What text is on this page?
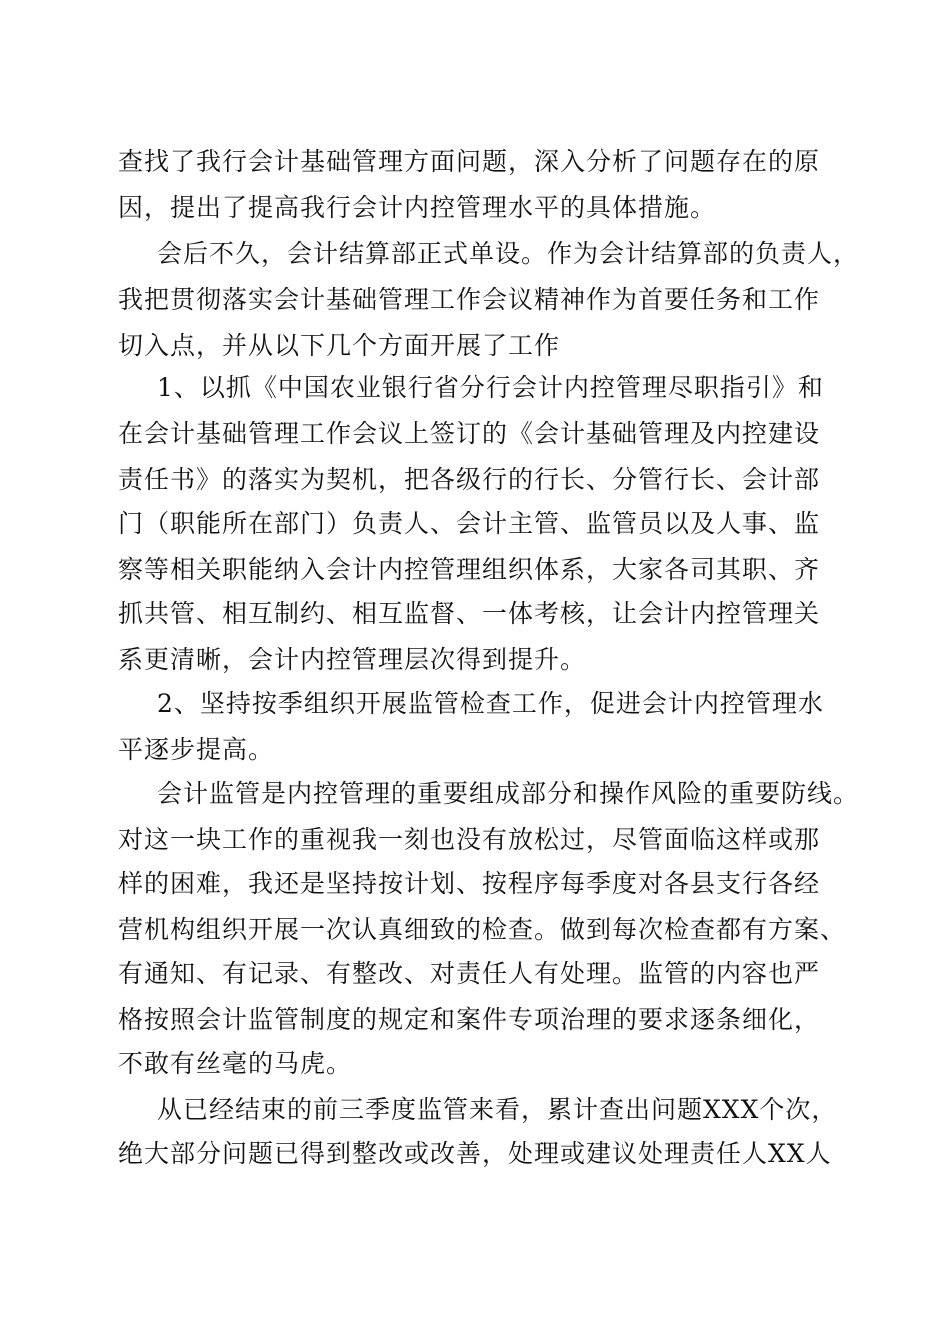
查找了我行会计基础管理方面问题，深入分析了问题存在的原
因，提出了提高我行会计内控管理水平的具体措施。
会后不久，会计结算部正式单设。作为会计结算部的负责人，
我把贯彻落实会计基础管理工作会议精神作为首要任务和工作
切入点，并从以下几个方面开展了工作
1、以抓《中国农业银行省分行会计内控管理尽职指引》和
在会计基础管理工作会议上签订的《会计基础管理及内控建设
责任书》的落实为契机，把各级行的行长、分管行长、会计部
门（职能所在部门）负责人、会计主管、监管员以及人事、监
察等相关职能纳入会计内控管理组织体系，大家各司其职、齐
抓共管、相互制约、相互监督、一体考核，让会计内控管理关
系更清晰，会计内控管理层次得到提升。
2、坚持按季组织开展监管检查工作，促进会计内控管理水
平逐步提高。
会计监管是内控管理的重要组成部分和操作风险的重要防线。
对这一块工作的重视我一刻也没有放松过，尽管面临这样或那
样的困难，我还是坚持按计划、按程序每季度对各县支行各经
营机构组织开展一次认真细致的检查。做到每次检查都有方案、
有通知、有记录、有整改、对责任人有处理。监管的内容也严
格按照会计监管制度的规定和案件专项治理的要求逐条细化，
不敢有丝毫的马虎。
从已经结束的前三季度监管来看，累计查出问题XXX个次，
绝大部分问题已得到整改或改善，处理或建议处理责任人XX人
